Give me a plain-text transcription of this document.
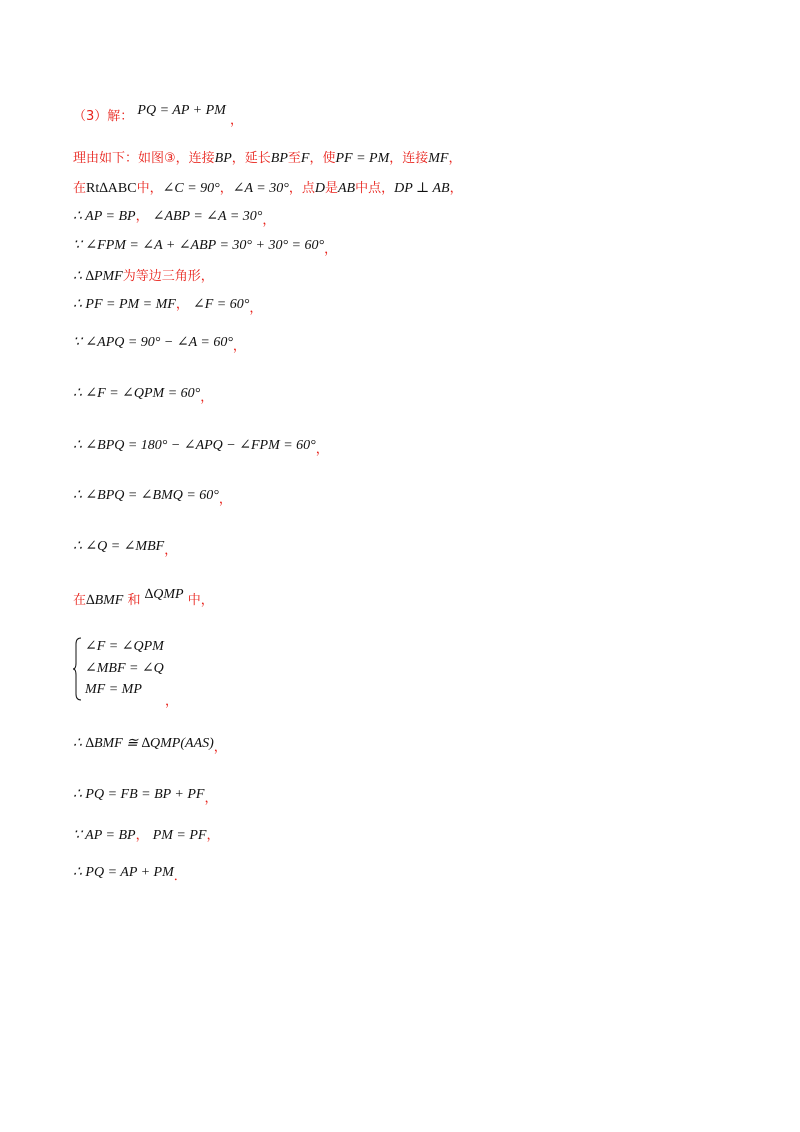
（3）解： PQ = AP + PM ，
理由如下：如图③，连接BP，延长BP至F，使PF = PM，连接MF，
在Rt∆ABC中，∠C = 90°，∠A = 30°，点D是AB中点，DP ⊥ AB，
∴ AP = BP， ∠ABP = ∠A = 30°，
∵ ∠FPM = ∠A + ∠ABP = 30° + 30° = 60°，
∴ ∆PMF为等边三角形，
∴ PF = PM = MF， ∠F = 60°，
∵ ∠APQ = 90° − ∠A = 60°，
∴ ∠F = ∠QPM = 60°，
∴ ∠BPQ = 180° − ∠APQ − ∠FPM = 60°，
∴ ∠BPQ = ∠BMQ = 60°，
∴ ∠Q = ∠MBF，
在∆BMF 和 ∆QMP 中，
∠F = ∠QPM
∠MBF = ∠Q
MF = MP
，
∴ ∆BMF ≅ ∆QMP(AAS)，
∴ PQ = FB = BP + PF，
∵ AP = BP， PM = PF，
∴ PQ = AP + PM．
